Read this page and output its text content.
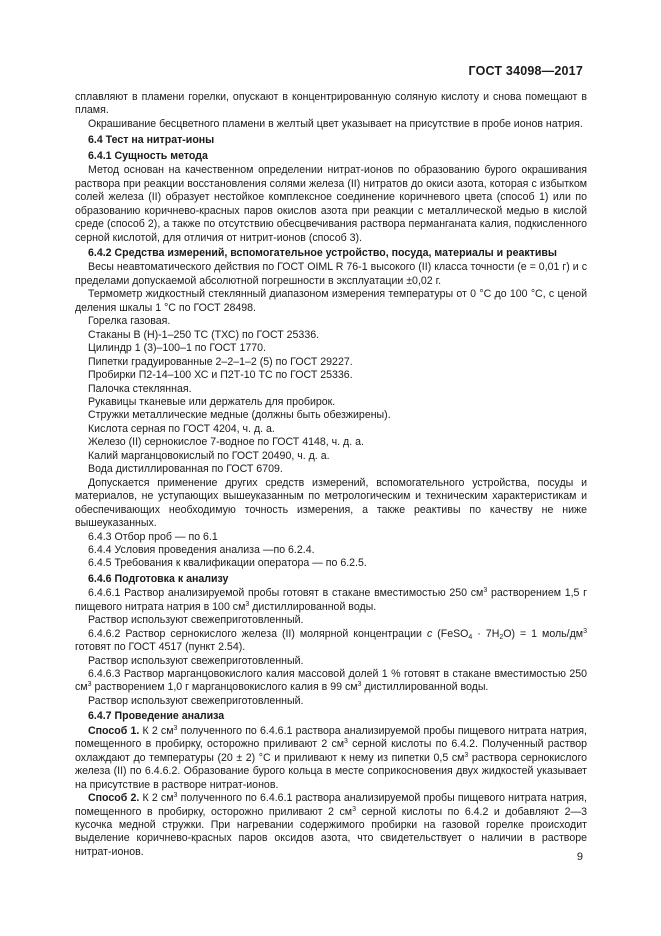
ГОСТ 34098—2017

сплавляют в пламени горелки, опускают в концентрированную соляную кислоту и снова помещают в пламя.

Окрашивание бесцветного пламени в желтый цвет указывает на присутствие в пробе ионов натрия.

6.4 Тест на нитрат-ионы
6.4.1 Сущность метода

Метод основан на качественном определении нитрат-ионов по образованию бурого окрашивания раствора при реакции восстановления солями железа (II) нитратов до окиси азота, которая с избытком солей железа (II) образует нестойкое комплексное соединение коричневого цвета (способ 1) или по образованию коричнево-красных паров окислов азота при реакции с металлической медью в кислой среде (способ 2), а также по отсутствию обесцвечивания раствора перманганата калия, подкисленного серной кислотой, для отличия от нитрит-ионов (способ 3).

6.4.2 Средства измерений, вспомогательное устройство, посуда, материалы и реактивы

Весы неавтоматического действия по ГОСТ OIML R 76-1 высокого (II) класса точности (e = 0,01 г) и с пределами допускаемой абсолютной погрешности в эксплуатации ±0,02 г.

Термометр жидкостный стеклянный диапазоном измерения температуры от 0 °С до 100 °С, с ценой деления шкалы 1 °С по ГОСТ 28498.

Горелка газовая.

Стаканы В (Н)-1–250 ТС (ТХС) по ГОСТ 25336.

Цилиндр 1 (3)–100–1 по ГОСТ 1770.

Пипетки градуированные 2–2–1–2 (5) по ГОСТ 29227.

Пробирки П2-14–100 ХС и П2Т-10 ТС по ГОСТ 25336.

Палочка стеклянная.

Рукавицы тканевые или держатель для пробирок.

Стружки металлические медные (должны быть обезжирены).

Кислота серная по ГОСТ 4204, ч. д. а.

Железо (II) сернокислое 7-водное по ГОСТ 4148, ч. д. а.

Калий марганцовокислый по ГОСТ 20490, ч. д. а.

Вода дистиллированная по ГОСТ 6709.

Допускается применение других средств измерений, вспомогательного устройства, посуды и материалов, не уступающих вышеуказанным по метрологическим и техническим характеристикам и обеспечивающих необходимую точность измерения, а также реактивы по качеству не ниже вышеуказанных.

6.4.3 Отбор проб — по 6.1

6.4.4 Условия проведения анализа —по 6.2.4.

6.4.5 Требования к квалификации оператора — по 6.2.5.

6.4.6 Подготовка к анализу

6.4.6.1 Раствор анализируемой пробы готовят в стакане вместимостью 250 $см^3$ растворением 1,5 г пищевого нитрата натрия в 100 $см^3$ дистиллированной воды.

Раствор используют свежеприготовленный.

6.4.6.2 Раствор сернокислого железа (II) молярной концентрации c (FeSO$_4$ · $7H_2O) = 1$ моль/$дм^3$ готовят по ГОСТ 4517 (пункт 2.54).

Раствор используют свежеприготовленный.

6.4.6.3 Раствор марганцовокислого калия массовой долей 1 % готовят в стакане вместимостью 250 $см^3$ растворением 1,0 г марганцовокислого калия в 99 $см^3$ дистиллированной воды.

Раствор используют свежеприготовленный.

6.4.7 Проведение анализа

Способ 1. К 2 $см^3$ полученного по 6.4.6.1 раствора анализируемой пробы пищевого нитрата натрия, помещенного в пробирку, осторожно приливают 2 $см^3$ серной кислоты по 6.4.2. Полученный раствор охлаждают до температуры (20 ± 2) °С и приливают к нему из пипетки 0,5 $см^3$ раствора сернокислого железа (II) по 6.4.6.2. Образование бурого кольца в месте соприкосновения двух жидкостей указывает на присутствие в растворе нитрат-ионов.

Способ 2. К 2 $см^3$ полученного по 6.4.6.1 раствора анализируемой пробы пищевого нитрата натрия, помещенного в пробирку, осторожно приливают 2 $см^3$ серной кислоты по 6.4.2 и добавляют 2—3 кусочка медной стружки. При нагревании содержимого пробирки на газовой горелке происходит выделение коричнево-красных паров оксидов азота, что свидетельствует о наличии в растворе нитрат-ионов.	9
